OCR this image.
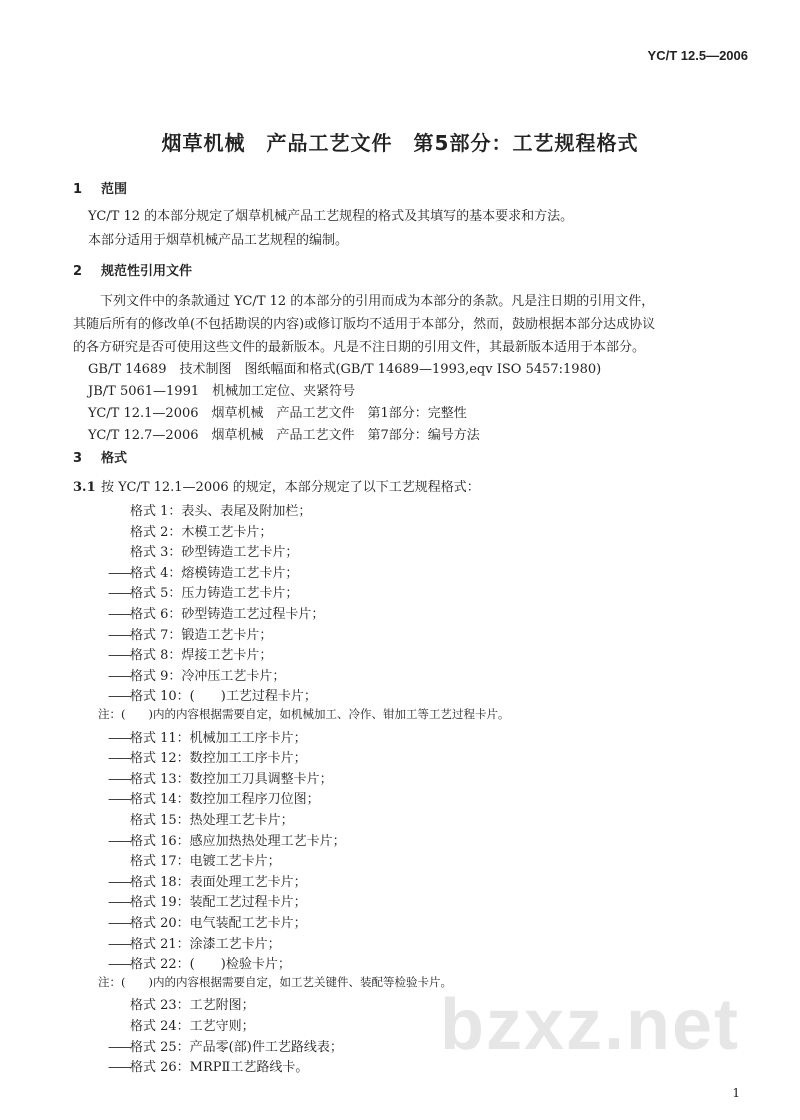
YC/T 12.5—2006
烟草机械　产品工艺文件　第5部分：工艺规程格式
1 范围
YC/T 12 的本部分规定了烟草机械产品工艺规程的格式及其填写的基本要求和方法。
本部分适用于烟草机械产品工艺规程的编制。
2 规范性引用文件
下列文件中的条款通过 YC/T 12 的本部分的引用而成为本部分的条款。凡是注日期的引用文件，
其随后所有的修改单(不包括勘误的内容)或修订版均不适用于本部分，然而，鼓励根据本部分达成协议
的各方研究是否可使用这些文件的最新版本。凡是不注日期的引用文件，其最新版本适用于本部分。
GB/T 14689　技术制图　图纸幅面和格式(GB/T 14689—1993,eqv ISO 5457:1980)
JB/T 5061—1991　机械加工定位、夹紧符号
YC/T 12.1—2006　烟草机械　产品工艺文件　第1部分：完整性
YC/T 12.7—2006　烟草机械　产品工艺文件　第7部分：编号方法
3 格式
3.1 按 YC/T 12.1—2006 的规定，本部分规定了以下工艺规程格式：
格式 1：表头、表尾及附加栏；
格式 2：木模工艺卡片；
格式 3：砂型铸造工艺卡片；
——格式 4：熔模铸造工艺卡片；
——格式 5：压力铸造工艺卡片；
——格式 6：砂型铸造工艺过程卡片；
——格式 7：锻造工艺卡片；
——格式 8：焊接工艺卡片；
——格式 9：冷冲压工艺卡片；
——格式 10：(　　)工艺过程卡片；
注：(　　)内的内容根据需要自定，如机械加工、冷作、钳加工等工艺过程卡片。
——格式 11：机械加工工序卡片；
——格式 12：数控加工工序卡片；
——格式 13：数控加工刀具调整卡片；
——格式 14：数控加工程序刀位图；
格式 15：热处理工艺卡片；
——格式 16：感应加热热处理工艺卡片；
格式 17：电镀工艺卡片；
——格式 18：表面处理工艺卡片；
——格式 19：装配工艺过程卡片；
——格式 20：电气装配工艺卡片；
——格式 21：涂漆工艺卡片；
——格式 22：(　　)检验卡片；
注：(　　)内的内容根据需要自定，如工艺关键件、装配等检验卡片。
格式 23：工艺附图；
格式 24：工艺守则；
——格式 25：产品零(部)件工艺路线表；
——格式 26：MRPⅡ工艺路线卡。
bzxz.net
1
